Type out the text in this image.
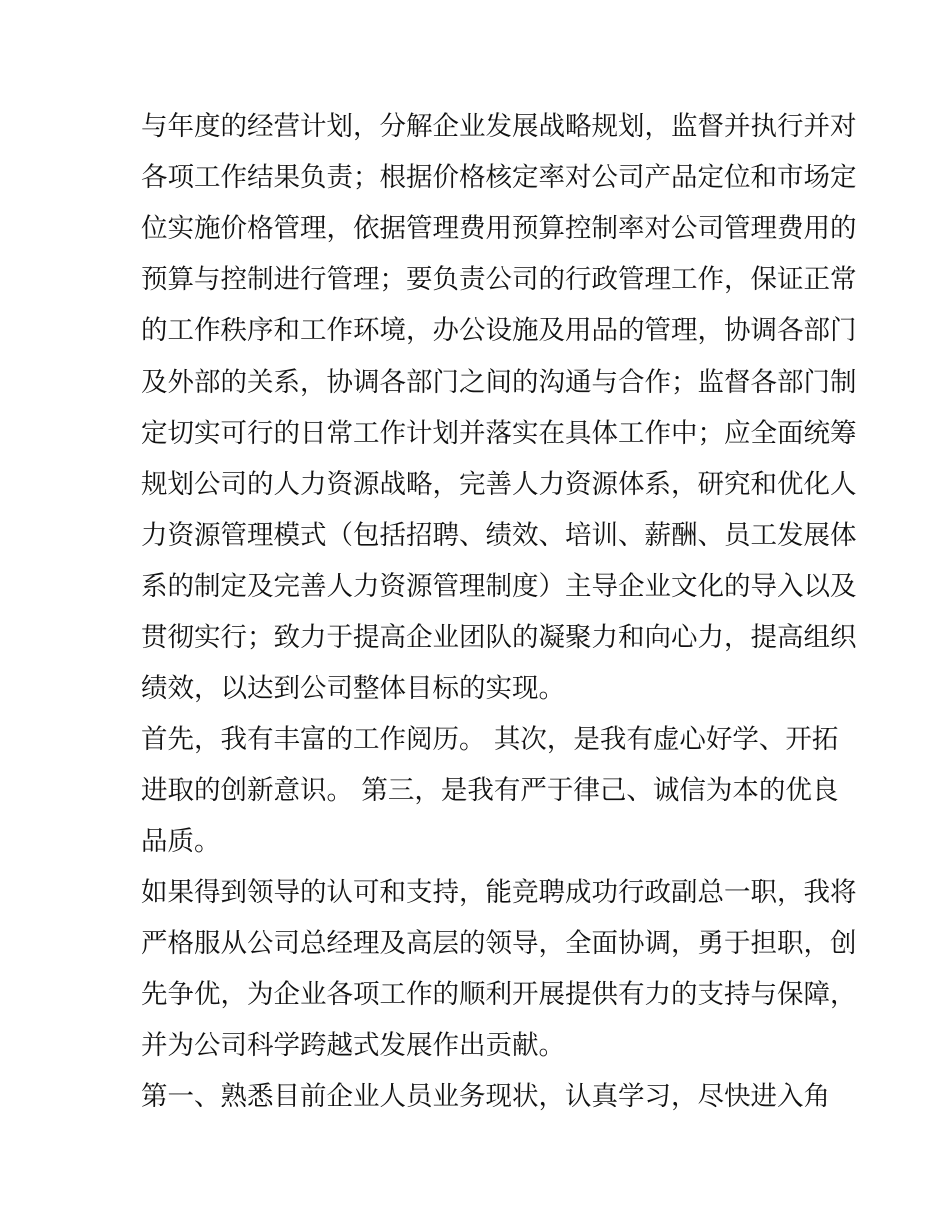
与年度的经营计划，分解企业发展战略规划，监督并执行并对
各项工作结果负责；根据价格核定率对公司产品定位和市场定
位实施价格管理，依据管理费用预算控制率对公司管理费用的
预算与控制进行管理；要负责公司的行政管理工作，保证正常
的工作秩序和工作环境，办公设施及用品的管理，协调各部门
及外部的关系，协调各部门之间的沟通与合作；监督各部门制
定切实可行的日常工作计划并落实在具体工作中；应全面统筹
规划公司的人力资源战略，完善人力资源体系，研究和优化人
力资源管理模式（包括招聘、绩效、培训、薪酬、员工发展体
系的制定及完善人力资源管理制度）主导企业文化的导入以及
贯彻实行；致力于提高企业团队的凝聚力和向心力，提高组织
绩效，以达到公司整体目标的实现。
首先，我有丰富的工作阅历。 其次，是我有虚心好学、开拓
进取的创新意识。 第三，是我有严于律己、诚信为本的优良
品质。
如果得到领导的认可和支持，能竞聘成功行政副总一职，我将
严格服从公司总经理及高层的领导，全面协调，勇于担职，创
先争优，为企业各项工作的顺利开展提供有力的支持与保障，
并为公司科学跨越式发展作出贡献。
第一、熟悉目前企业人员业务现状，认真学习，尽快进入角
